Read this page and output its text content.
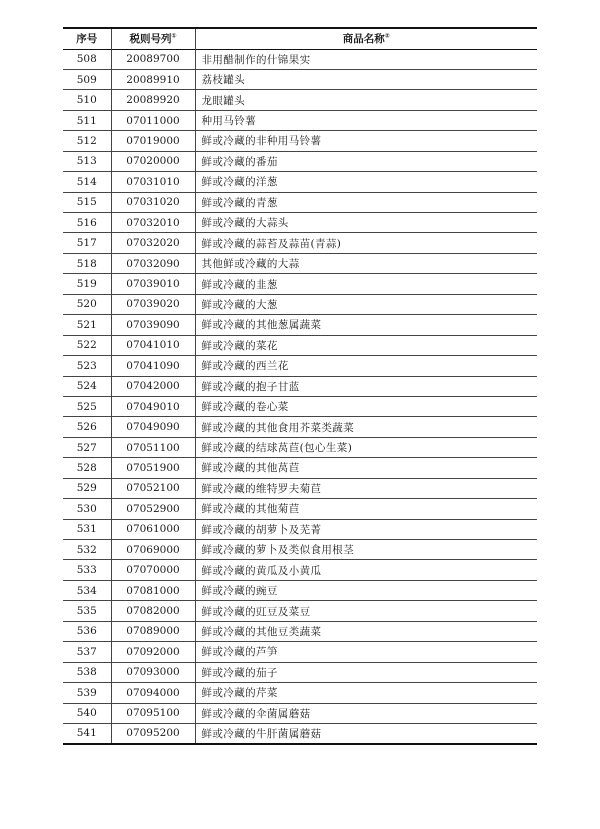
序号	税则号列①	商品名称②
508	20089700	非用醋制作的什锦果实
509	20089910	荔枝罐头
510	20089920	龙眼罐头
511	07011000	种用马铃薯
512	07019000	鲜或冷藏的非种用马铃薯
513	07020000	鲜或冷藏的番茄
514	07031010	鲜或冷藏的洋葱
515	07031020	鲜或冷藏的青葱
516	07032010	鲜或冷藏的大蒜头
517	07032020	鲜或冷藏的蒜苔及蒜苗(青蒜)
518	07032090	其他鲜或冷藏的大蒜
519	07039010	鲜或冷藏的韭葱
520	07039020	鲜或冷藏的大葱
521	07039090	鲜或冷藏的其他葱属蔬菜
522	07041010	鲜或冷藏的菜花
523	07041090	鲜或冷藏的西兰花
524	07042000	鲜或冷藏的抱子甘蓝
525	07049010	鲜或冷藏的卷心菜
526	07049090	鲜或冷藏的其他食用芥菜类蔬菜
527	07051100	鲜或冷藏的结球莴苣(包心生菜)
528	07051900	鲜或冷藏的其他莴苣
529	07052100	鲜或冷藏的维特罗夫菊苣
530	07052900	鲜或冷藏的其他菊苣
531	07061000	鲜或冷藏的胡萝卜及芜菁
532	07069000	鲜或冷藏的萝卜及类似食用根茎
533	07070000	鲜或冷藏的黄瓜及小黄瓜
534	07081000	鲜或冷藏的豌豆
535	07082000	鲜或冷藏的豇豆及菜豆
536	07089000	鲜或冷藏的其他豆类蔬菜
537	07092000	鲜或冷藏的芦笋
538	07093000	鲜或冷藏的茄子
539	07094000	鲜或冷藏的芹菜
540	07095100	鲜或冷藏的伞菌属蘑菇
541	07095200	鲜或冷藏的牛肝菌属蘑菇
